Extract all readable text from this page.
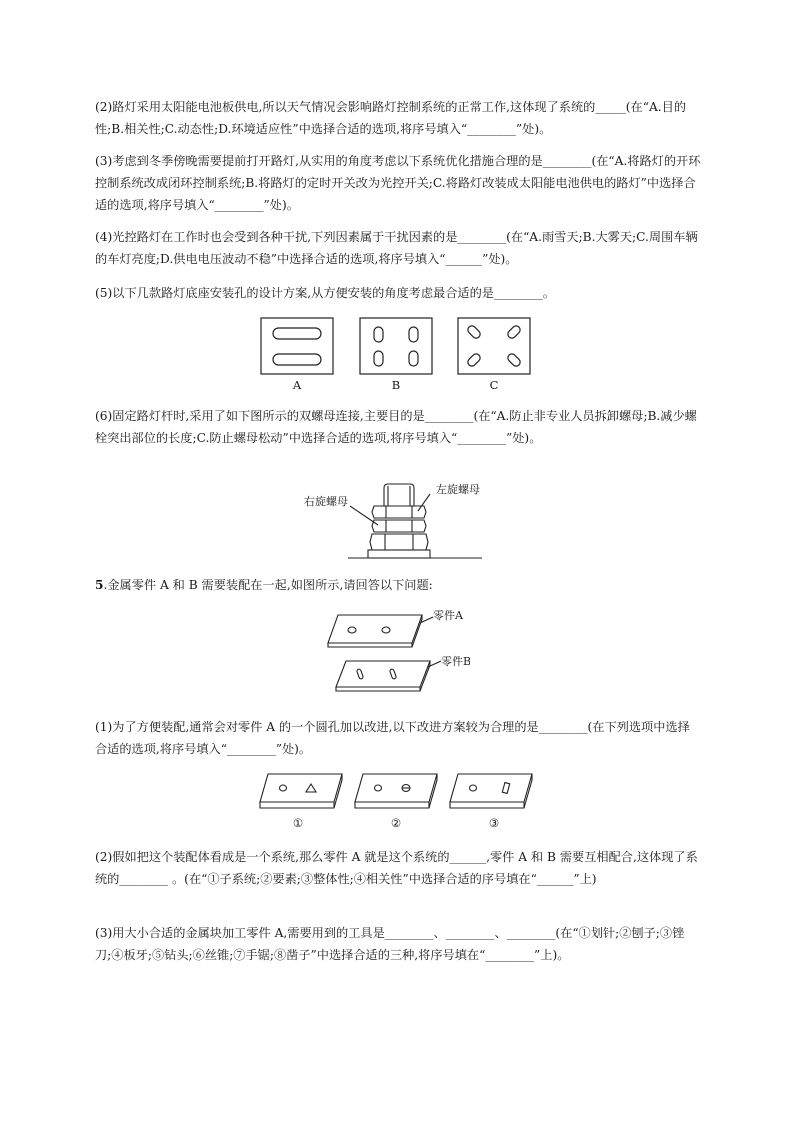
(2)路灯采用太阳能电池板供电,所以天气情况会影响路灯控制系统的正常工作,这体现了系统的_____(在“A.目的性;B.相关性;C.动态性;D.环境适应性”中选择合适的选项,将序号填入“________”处)。

(3)考虑到冬季傍晚需要提前打开路灯,从实用的角度考虑以下系统优化措施合理的是________(在“A.将路灯的开环控制系统改成闭环控制系统;B.将路灯的定时开关改为光控开关;C.将路灯改装成太阳能电池供电的路灯”中选择合适的选项,将序号填入“________”处)。

(4)光控路灯在工作时也会受到各种干扰,下列因素属于干扰因素的是________(在“A.雨雪天;B.大雾天;C.周围车辆的车灯亮度;D.供电电压波动不稳”中选择合适的选项,将序号填入“______”处)。

(5)以下几款路灯底座安装孔的设计方案,从方便安装的角度考虑最合适的是________。

A	B	C

(6)固定路灯杆时,采用了如下图所示的双螺母连接,主要目的是________(在“A.防止非专业人员拆卸螺母;B.减少螺栓突出部位的长度;C.防止螺母松动”中选择合适的选项,将序号填入“________”处)。

右旋螺母
左旋螺母

5.金属零件 A 和 B 需要装配在一起,如图所示,请回答以下问题:

零件A
零件B

(1)为了方便装配,通常会对零件 A 的一个圆孔加以改进,以下改进方案较为合理的是________(在下列选项中选择合适的选项,将序号填入“________”处)。

①	②	③

(2)假如把这个装配体看成是一个系统,那么零件 A 就是这个系统的______,零件 A 和 B 需要互相配合,这体现了系统的________ 。(在“①子系统;②要素;③整体性;④相关性”中选择合适的序号填在“______”上)

(3)用大小合适的金属块加工零件 A,需要用到的工具是________、________、________(在“①划针;②刨子;③锉刀;④板牙;⑤钻头;⑥丝锥;⑦手锯;⑧凿子”中选择合适的三种,将序号填在“________”上)。
